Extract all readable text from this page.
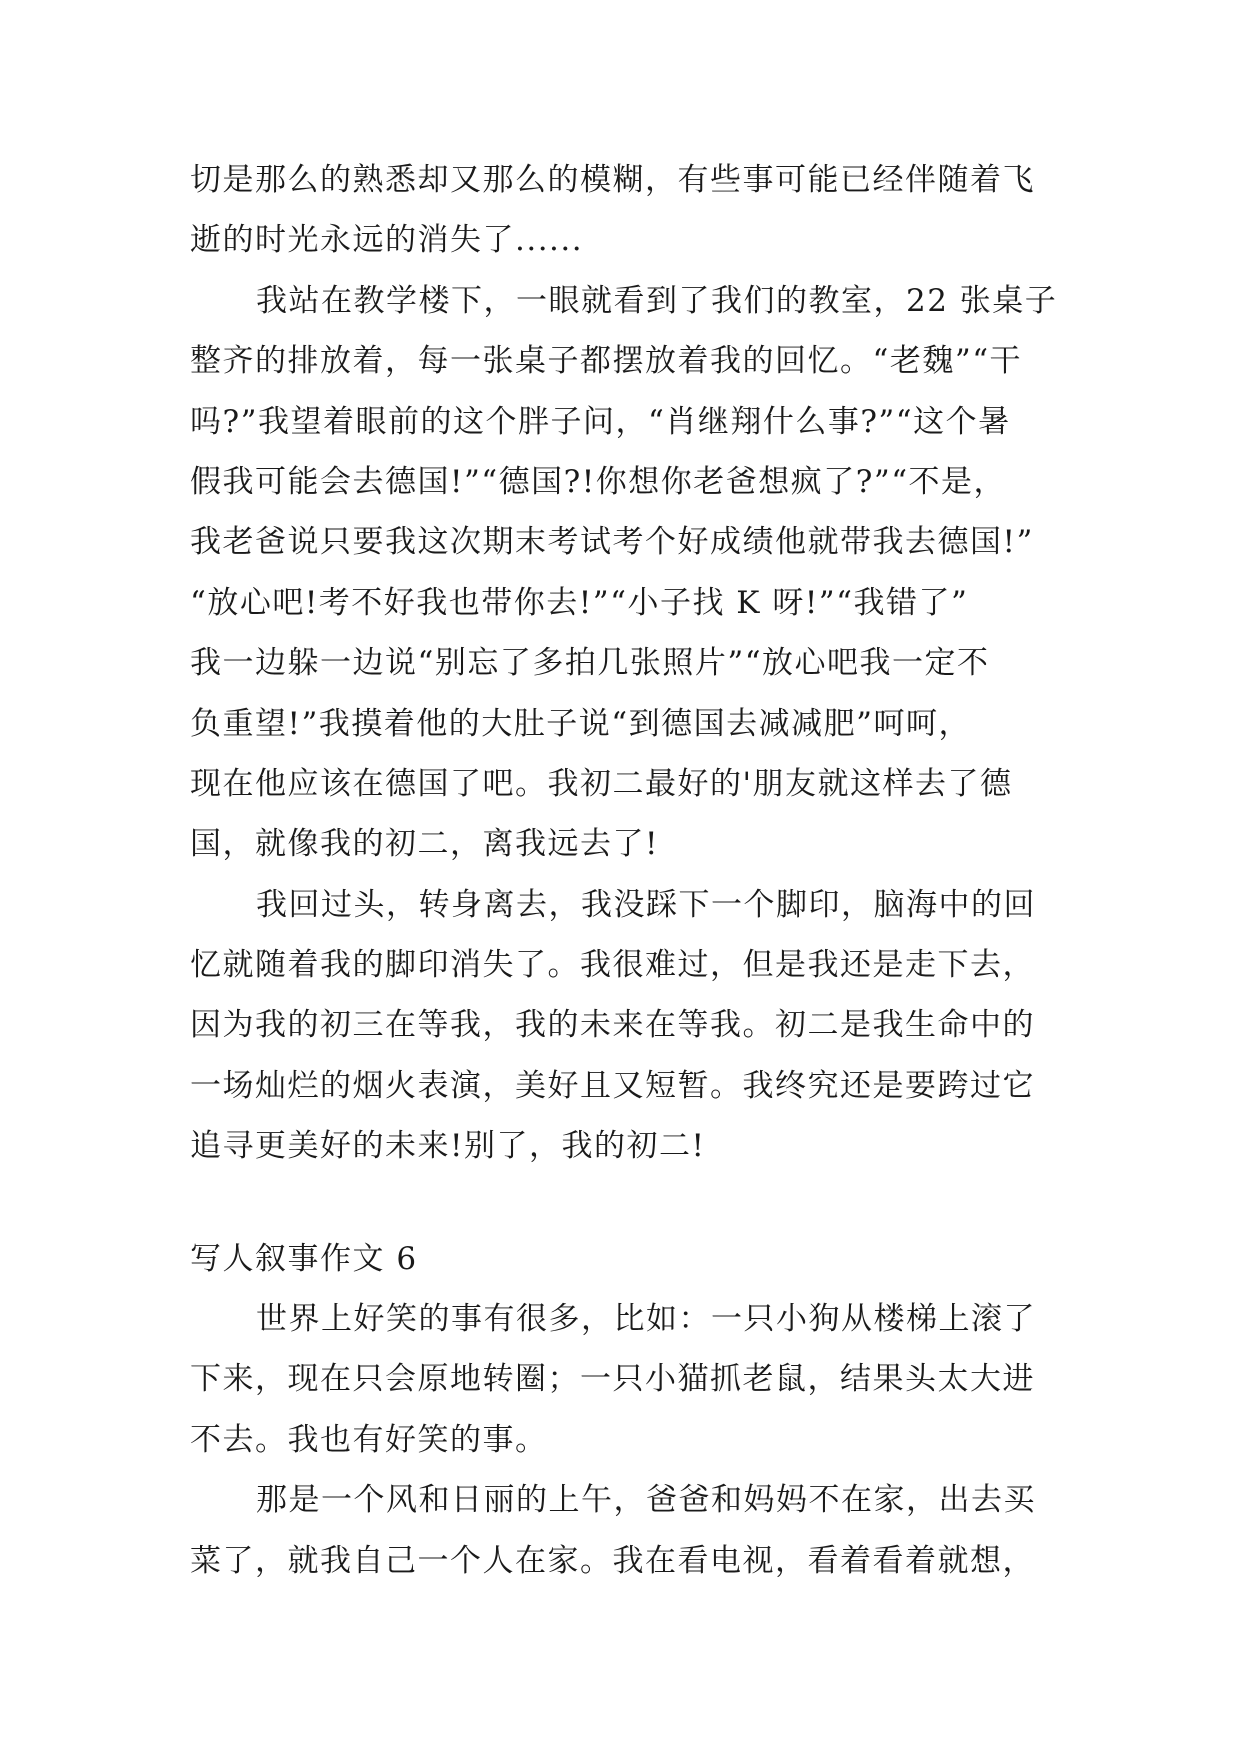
切是那么的熟悉却又那么的模糊，有些事可能已经伴随着飞
逝的时光永远的消失了......
我站在教学楼下，一眼就看到了我们的教室，22 张桌子
整齐的排放着，每一张桌子都摆放着我的回忆。“老魏”“干
吗?”我望着眼前的这个胖子问，“肖继翔什么事?”“这个暑
假我可能会去德国!”“德国?!你想你老爸想疯了?”“不是，
我老爸说只要我这次期末考试考个好成绩他就带我去德国!”
“放心吧!考不好我也带你去!”“小子找 K 呀!”“我错了”
我一边躲一边说“别忘了多拍几张照片”“放心吧我一定不
负重望!”我摸着他的大肚子说“到德国去减减肥”呵呵，
现在他应该在德国了吧。我初二最好的'朋友就这样去了德
国，就像我的初二，离我远去了!
我回过头，转身离去，我没踩下一个脚印，脑海中的回
忆就随着我的脚印消失了。我很难过，但是我还是走下去，
因为我的初三在等我，我的未来在等我。初二是我生命中的
一场灿烂的烟火表演，美好且又短暂。我终究还是要跨过它
追寻更美好的未来!别了，我的初二!
写人叙事作文 6
世界上好笑的事有很多，比如：一只小狗从楼梯上滚了
下来，现在只会原地转圈；一只小猫抓老鼠，结果头太大进
不去。我也有好笑的事。
那是一个风和日丽的上午，爸爸和妈妈不在家，出去买
菜了，就我自己一个人在家。我在看电视，看着看着就想，
